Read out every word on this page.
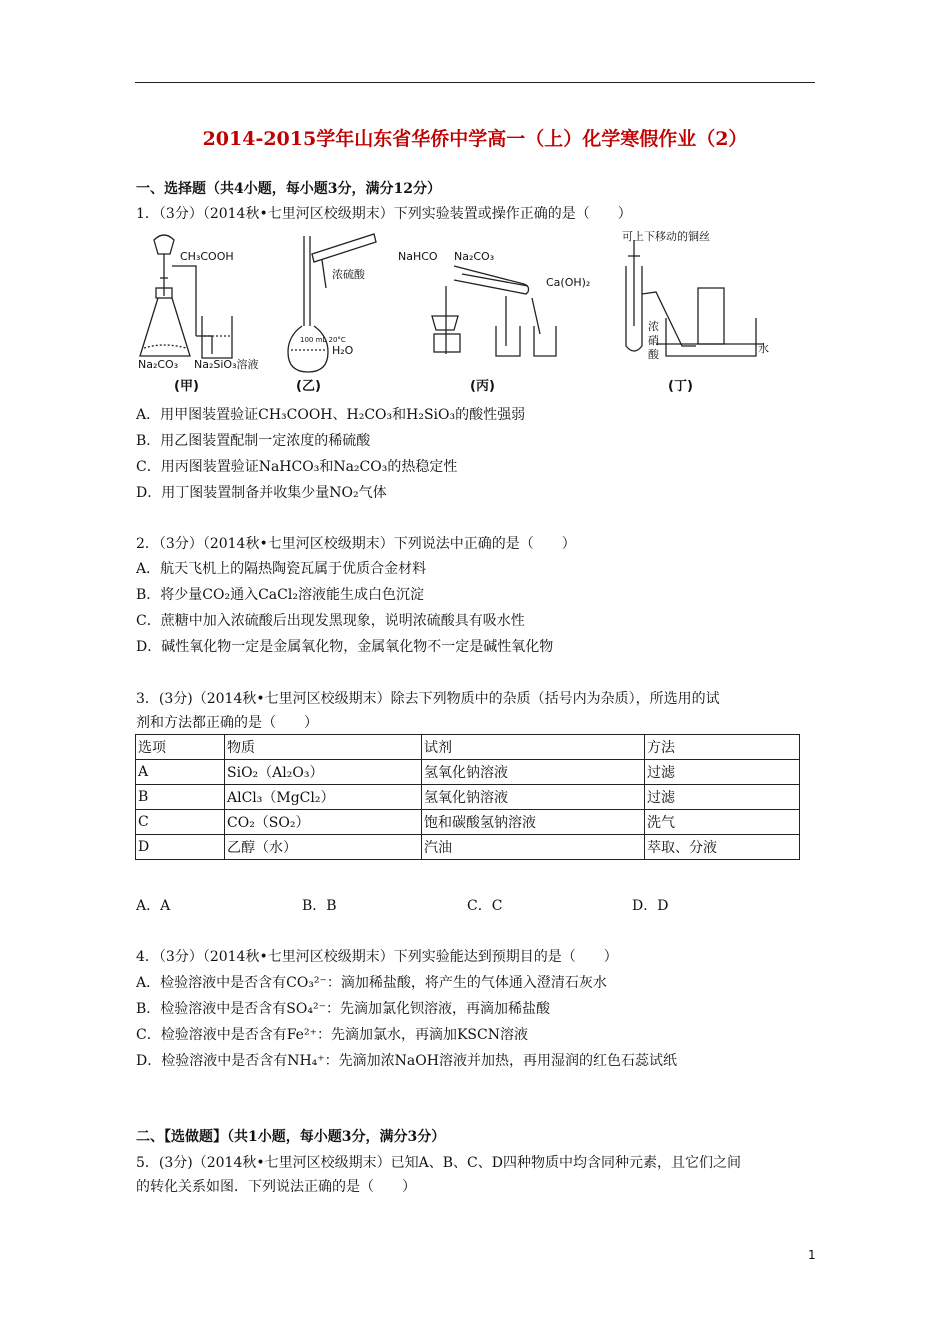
2014-2015学年山东省华侨中学高一（上）化学寒假作业（2）
一、选择题（共4小题，每小题3分，满分12分）
1．（3分）（2014秋•七里河区校级期末）下列实验装置或操作正确的是（　　）
CH₃COOH
Na₂CO₃ Na₂SiO₃溶液
(甲)
浓硫酸
100 mL 20°C
H₂O
(乙)
NaHCO Na₂CO₃
Ca(OH)₂
(丙)
可上下移动的铜丝
浓
硝
酸	水
(丁)
A．用甲图装置验证CH₃COOH、H₂CO₃和H₂SiO₃的酸性强弱
B．用乙图装置配制一定浓度的稀硫酸
C．用丙图装置验证NaHCO₃和Na₂CO₃的热稳定性
D．用丁图装置制备并收集少量NO₂气体
2．（3分）（2014秋•七里河区校级期末）下列说法中正确的是（　　）
A．航天飞机上的隔热陶瓷瓦属于优质合金材料
B．将少量CO₂通入CaCl₂溶液能生成白色沉淀
C．蔗糖中加入浓硫酸后出现发黑现象，说明浓硫酸具有吸水性
D．碱性氧化物一定是金属氧化物，金属氧化物不一定是碱性氧化物
3．(3分)（2014秋•七里河区校级期末）除去下列物质中的杂质（括号内为杂质），所选用的试
剂和方法都正确的是（　　）
选项	物质	试剂	方法
A	SiO₂（Al₂O₃）	氢氧化钠溶液	过滤
B	AlCl₃（MgCl₂）	氢氧化钠溶液	过滤
C	CO₂（SO₂）	饱和碳酸氢钠溶液	洗气
D	乙醇（水）	汽油	萃取、分液
A．A	B．B	C．C	D．D
4．（3分）（2014秋•七里河区校级期末）下列实验能达到预期目的是（　　）
A．检验溶液中是否含有CO₃²⁻：滴加稀盐酸，将产生的气体通入澄清石灰水
B．检验溶液中是否含有SO₄²⁻：先滴加氯化钡溶液，再滴加稀盐酸
C．检验溶液中是否含有Fe²⁺：先滴加氯水，再滴加KSCN溶液
D．检验溶液中是否含有NH₄⁺：先滴加浓NaOH溶液并加热，再用湿润的红色石蕊试纸
二、【选做题】（共1小题，每小题3分，满分3分）
5．(3分)（2014秋•七里河区校级期末）已知A、B、C、D四种物质中均含同种元素，且它们之间
的转化关系如图．下列说法正确的是（　　）
1
